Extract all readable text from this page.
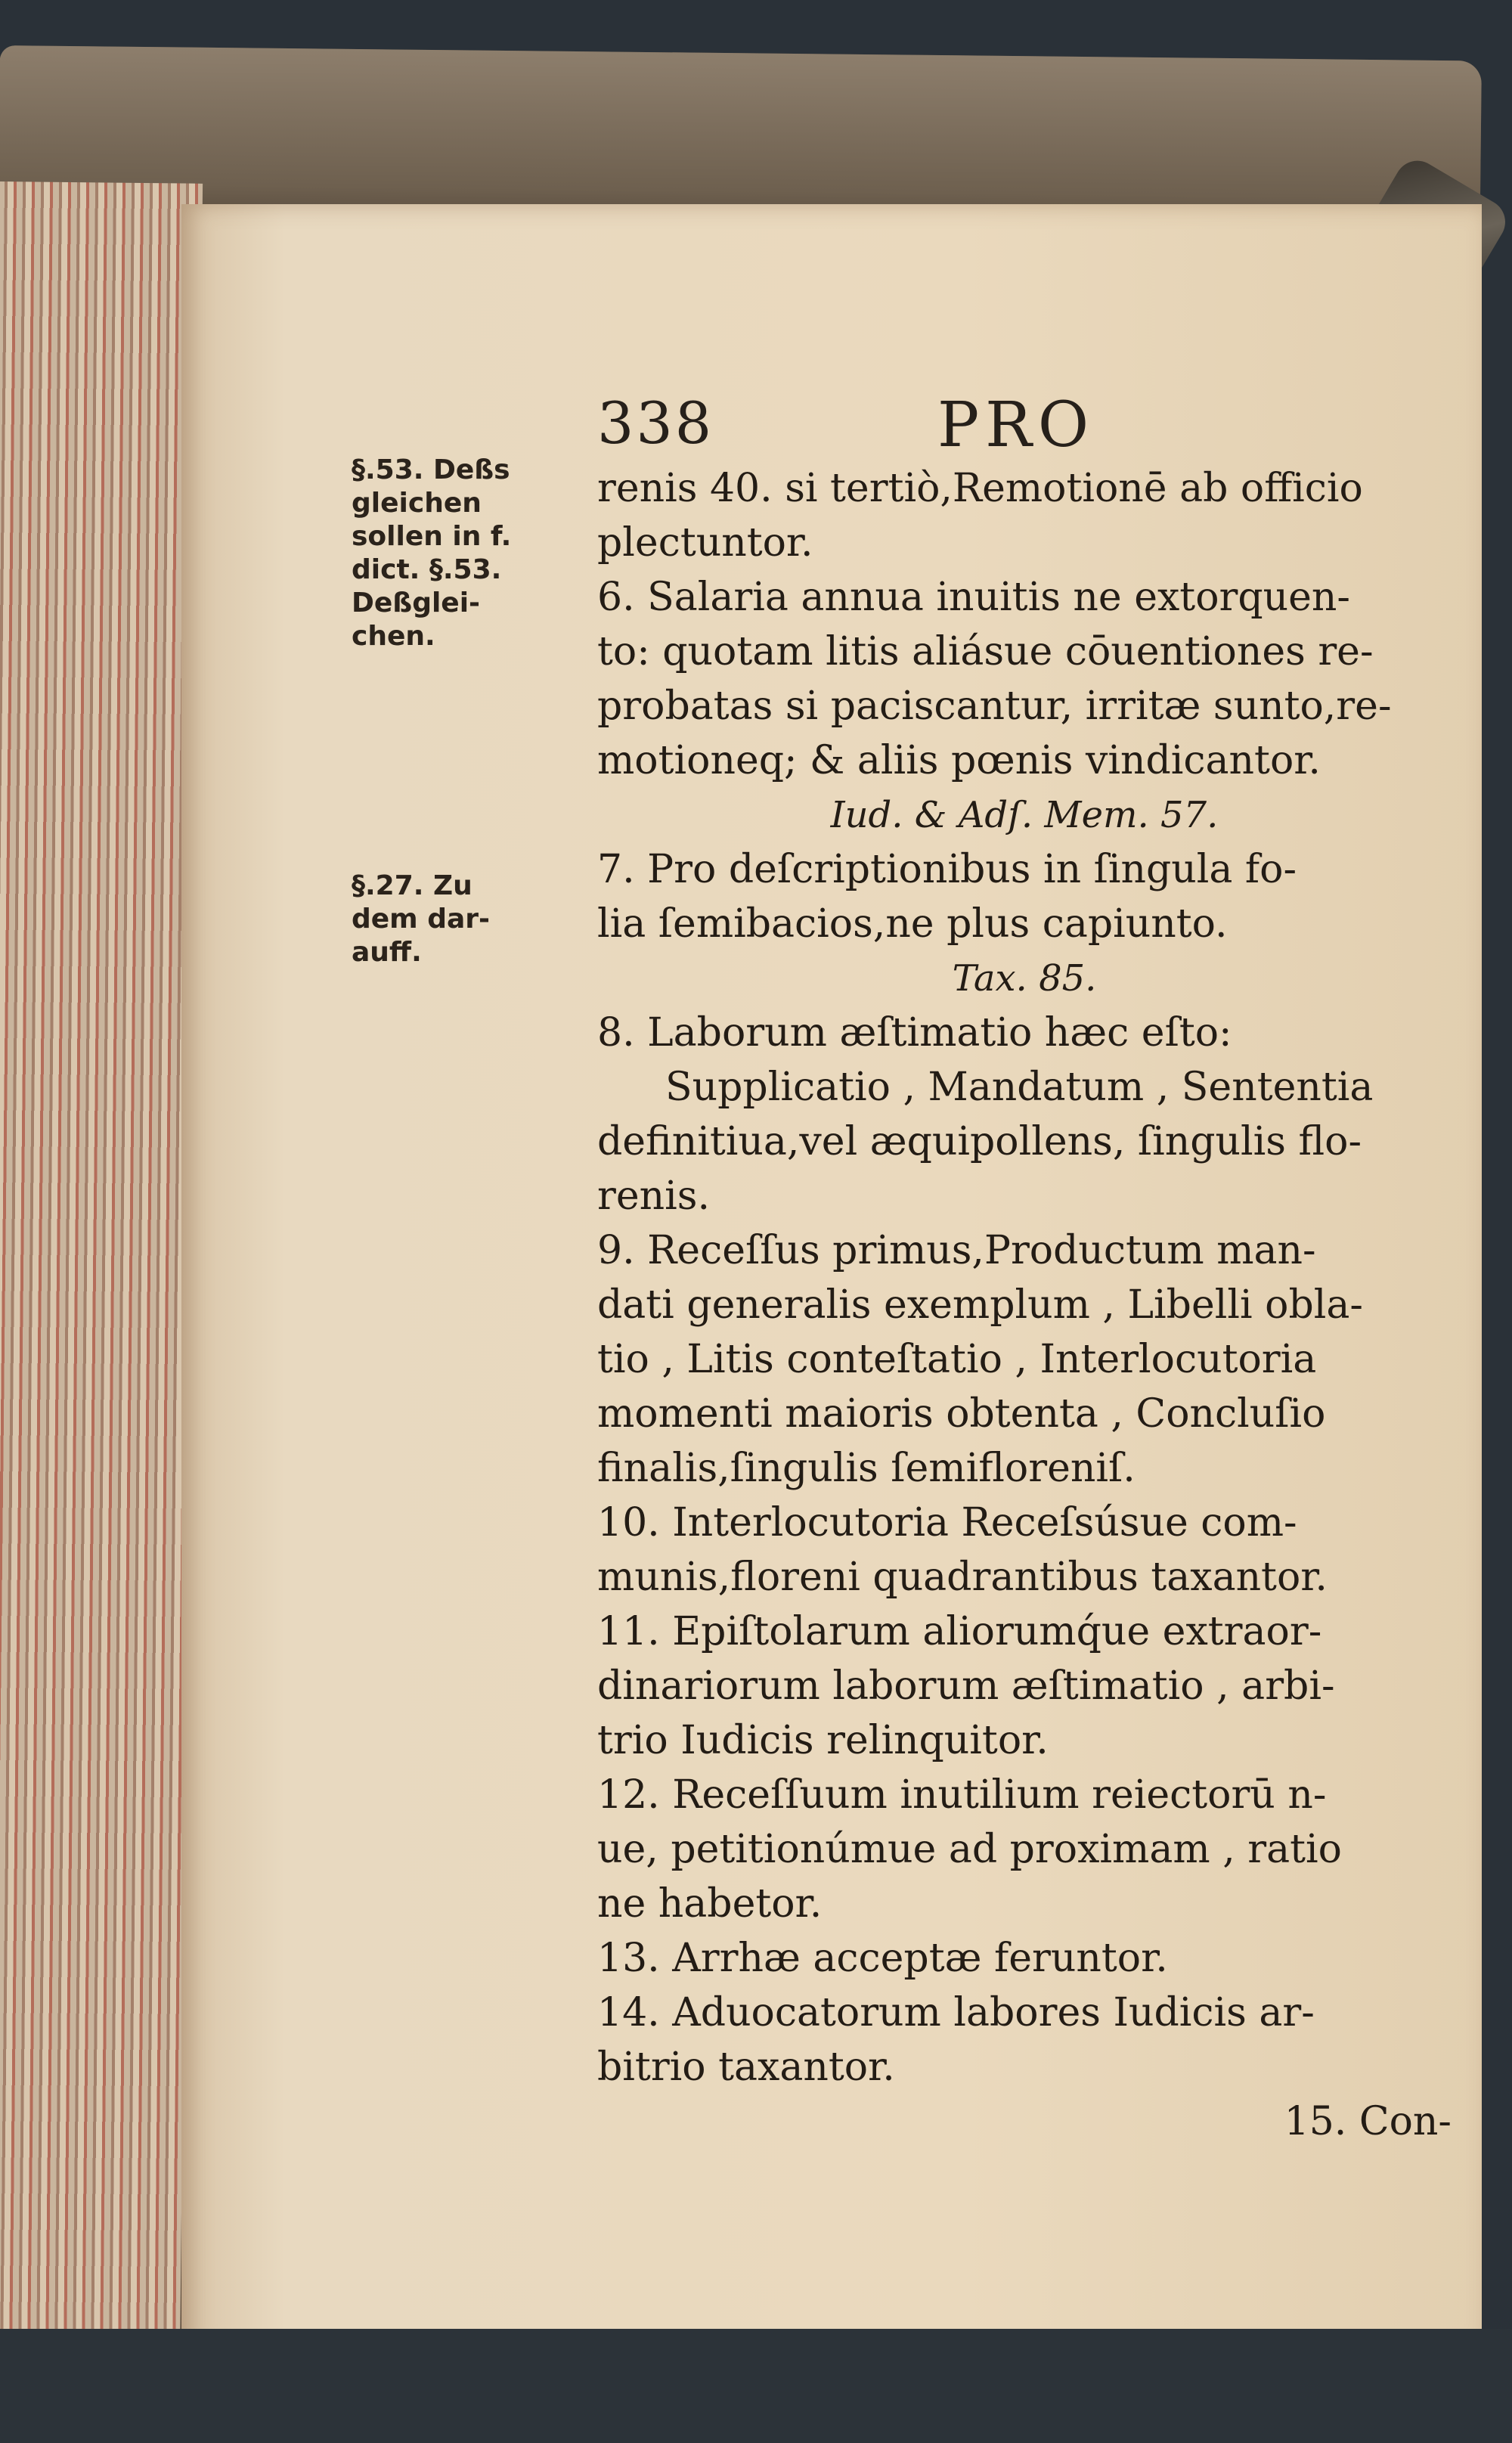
338	PRO
§.53. Deßs
gleichen
sollen in f.
dict. §.53.
Deßglei-
chen.
§.27. Zu
dem dar-
auff.
renis 40. si tertiò,Remotionē ab officio
plectuntor.
6. Salaria annua inuitis ne extorquen-
to: quotam litis aliásue cōuentiones re-
probatas si paciscantur, irritæ sunto,re-
motioneq; & aliis pœnis vindicantor.
Iud. & Adſ. Mem. 57.
7. Pro deſcriptionibus in ſingula fo-
lia ſemibacios,ne plus capiunto.
Tax. 85.
8. Laborum æſtimatio hæc eſto:
Supplicatio , Mandatum , Sententia
definitiua,vel æquipollens, ſingulis flo-
renis.
9. Receſſus primus,Productum man-
dati generalis exemplum , Libelli obla-
tio , Litis conteſtatio , Interlocutoria
momenti maioris obtenta , Concluſio
finalis,ſingulis ſemifloreniſ.
10. Interlocutoria Receſsúsue com-
munis,floreni quadrantibus taxantor.
11. Epiſtolarum aliorumq́ue extraor-
dinariorum laborum æſtimatio , arbi-
trio Iudicis relinquitor.
12. Receſſuum inutilium reiectorū n-
ue, petitionúmue ad proximam , ratio
ne habetor.
13. Arrhæ acceptæ feruntor.
14. Aduocatorum labores Iudicis ar-
bitrio taxantor.
15. Con-
